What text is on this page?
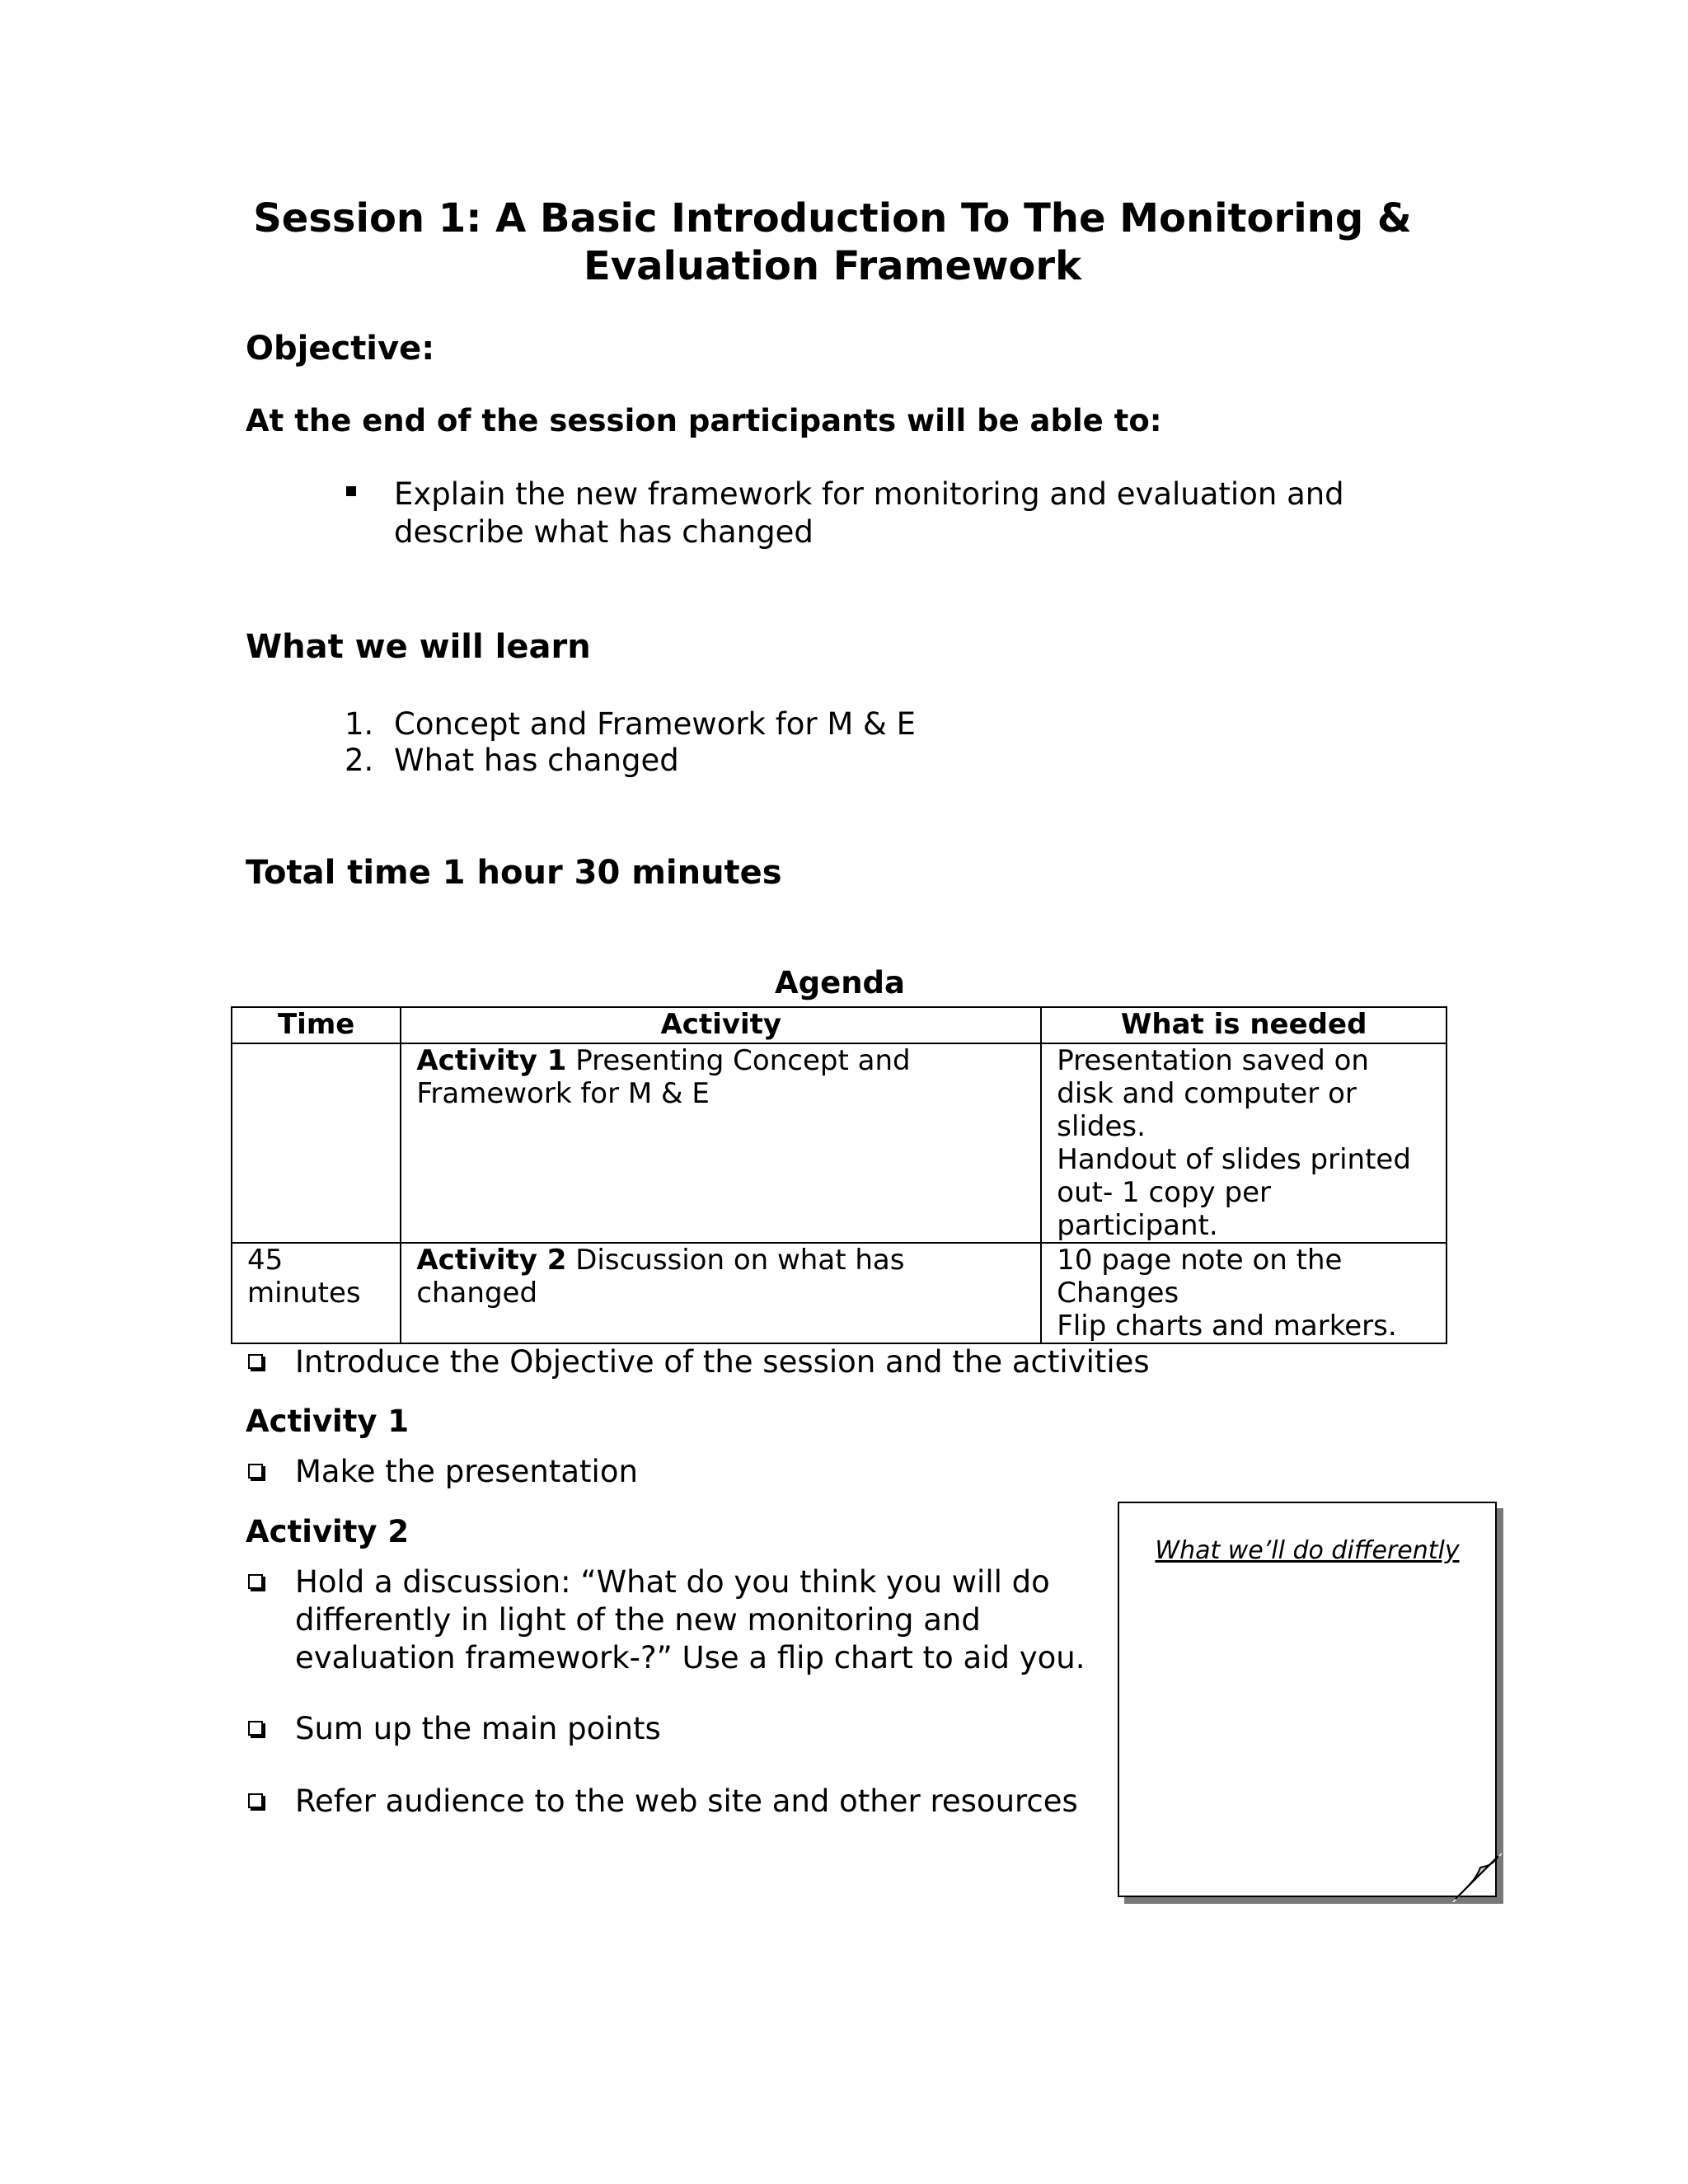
Session 1: A Basic Introduction To The Monitoring &
Evaluation Framework
Objective:
At the end of the session participants will be able to:
Explain the new framework for monitoring and evaluation and describe what has changed
What we will learn
1. Concept and Framework for M & E
2. What has changed
Total time 1 hour 30 minutes
Agenda
Time	Activity	What is needed
	Activity 1 Presenting Concept and Framework for M & E	Presentation saved on disk and computer or slides.
Handout of slides printed out- 1 copy per participant.

45 minutes	Activity 2 Discussion on what has changed	10 page note on the Changes
Flip charts and markers.
Introduce the Objective of the session and the activities
Activity 1
Make the presentation
Activity 2
Hold a discussion: “What do you think you will do differently in light of the new monitoring and evaluation framework-?” Use a flip chart to aid you.
Sum up the main points
Refer audience to the web site and other resources
What we’ll do differently
